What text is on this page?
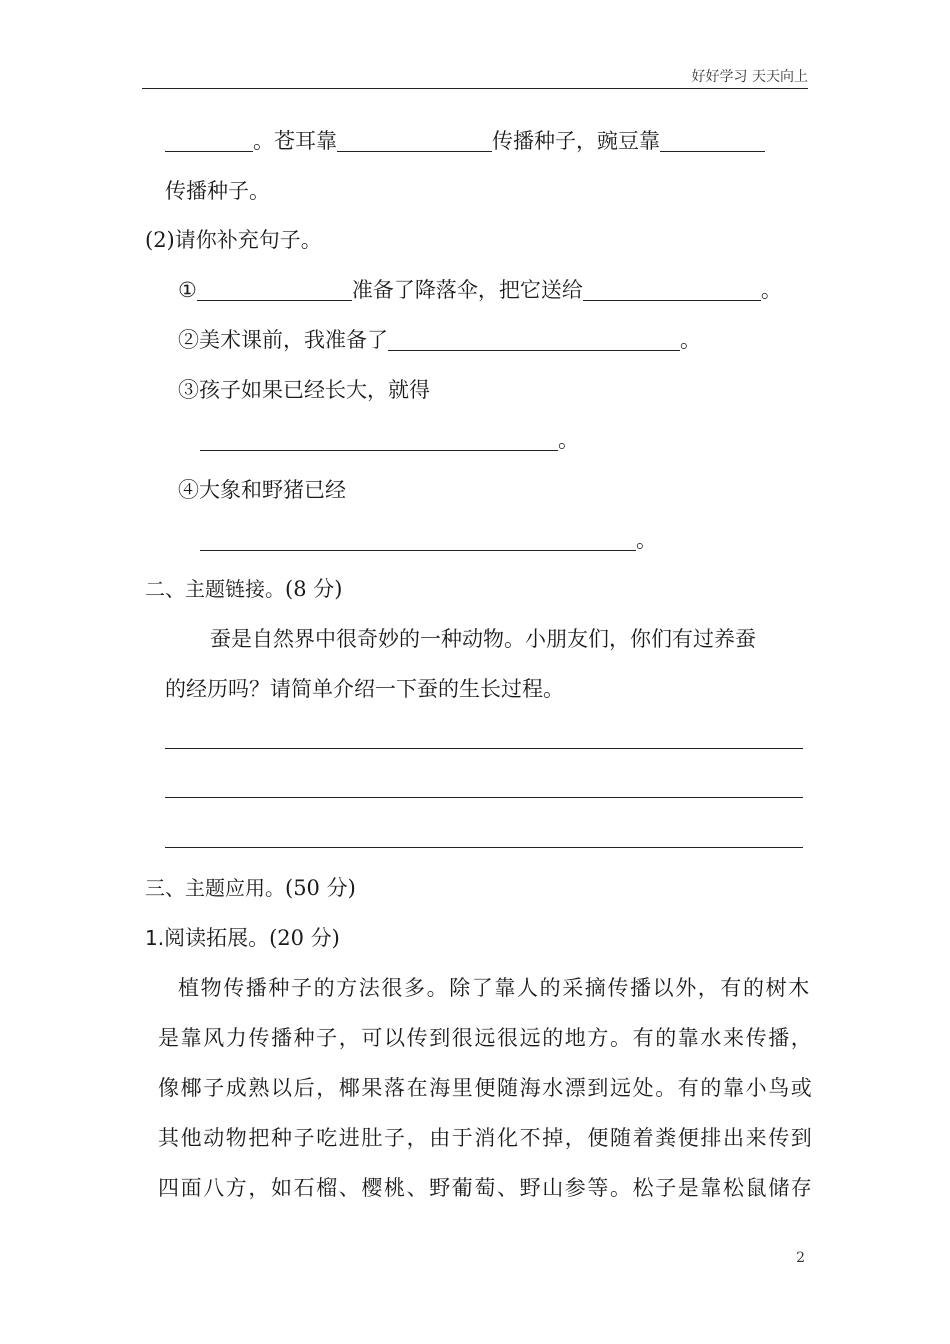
好好学习 天天向上
。苍耳靠	传播种子，豌豆靠
传播种子。
(2)请你补充句子。
①	准备了降落伞，把它送给	。
②美术课前，我准备了	。
③孩子如果已经长大，就得
。
④大象和野猪已经
。
二、主题链接。(8 分)
蚕是自然界中很奇妙的一种动物。小朋友们，你们有过养蚕
的经历吗？请简单介绍一下蚕的生长过程。
三、主题应用。(50 分)
1.阅读拓展。(20 分)
植物传播种子的方法很多。除了靠人的采摘传播以外，有的树木
是靠风力传播种子，可以传到很远很远的地方。有的靠水来传播，
像椰子成熟以后，椰果落在海里便随海水漂到远处。有的靠小鸟或
其他动物把种子吃进肚子，由于消化不掉，便随着粪便排出来传到
四面八方，如石榴、樱桃、野葡萄、野山参等。松子是靠松鼠储存
2
